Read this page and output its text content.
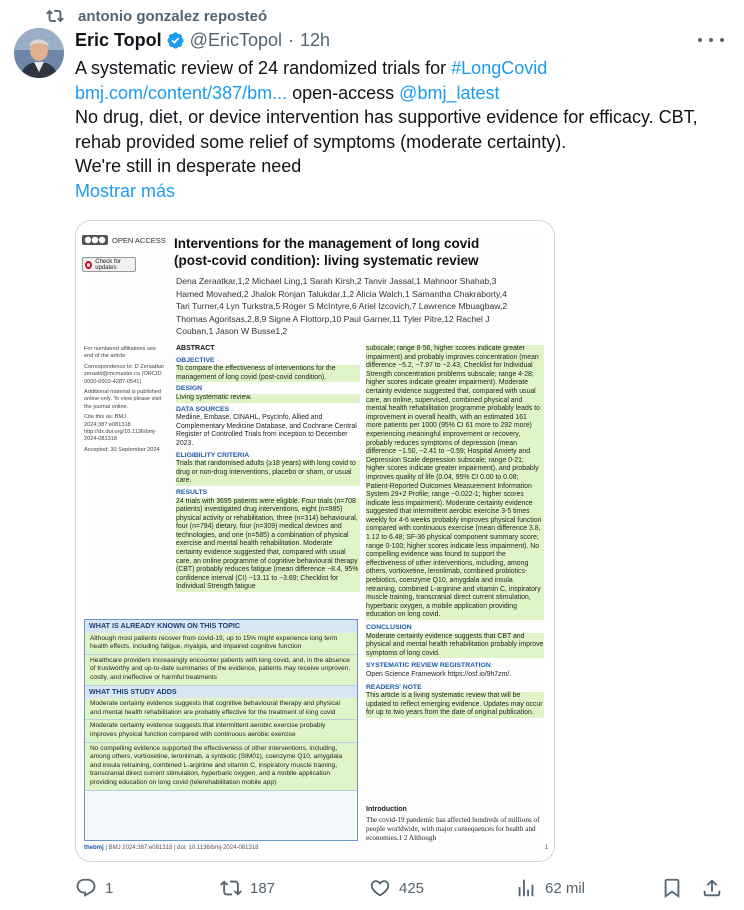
antonio gonzalez reposteó
Eric Topol @EricTopol · 12h
A systematic review of 24 randomized trials for #LongCovid
bmj.com/content/387/bm... open-access @bmj_latest
No drug, diet, or device intervention has supportive evidence for efficacy. CBT, rehab provided some relief of symptoms (moderate certainty).
We're still in desperate need
Mostrar más
OPEN ACCESS
Check for updates
Interventions for the management of long covid (post-covid condition): living systematic review
Dena Zeraatkar,1,2 Michael Ling,1 Sarah Kirsh,2 Tanvir Jassal,1 Mahnoor Shahab,3 Hamed Movahed,2 Jhalok Ronjan Talukdar,1,2 Alicia Walch,1 Samantha Chakraborty,4 Tari Turner,4 Lyn Turkstra,5 Roger S McIntyre,6 Ariel Izcovich,7 Lawrence Mbuagbaw,2 Thomas Agoritsas,2,8,9 Signe A Flottorp,10 Paul Garner,11 Tyler Pitre,12 Rachel J Couban,1 Jason W Busse1,2

For numbered affiliations see end of the article

Correspondence to: D Zeraatkar zeraatd@mcmaster.ca (ORCID 0000-0003-4287-0541)

Additional material is published online only. To view please visit the journal online.

Cite this as: BMJ 2024;387:e081318 http://dx.doi.org/10.1136/bmj-2024-081318

Accepted: 30 September 2024

ABSTRACT
OBJECTIVE
To compare the effectiveness of interventions for the management of long covid (post-covid condition).
DESIGN
Living systematic review.
DATA SOURCES
Medline, Embase, CINAHL, PsycInfo, Allied and Complementary Medicine Database, and Cochrane Central Register of Controlled Trials from inception to December 2023.
ELIGIBILITY CRITERIA
Trials that randomised adults (≥18 years) with long covid to drug or non-drug interventions, placebo or sham, or usual care.
RESULTS
24 trials with 3695 patients were eligible. Four trials (n=708 patients) investigated drug interventions, eight (n=985) physical activity or rehabilitation, three (n=314) behavioural, four (n=794) dietary, four (n=309) medical devices and technologies, and one (n=585) a combination of physical exercise and mental health rehabilitation. Moderate certainty evidence suggested that, compared with usual care, an online programme of cognitive behavioural therapy (CBT) probably reduces fatigue (mean difference −8.4, 95% confidence interval (CI) −13.11 to −3.69; Checklist for Individual Strength fatigue
subscale; range 8-56, higher scores indicate greater impairment) and probably improves concentration (mean difference −5.2, −7.97 to −2.43; Checklist for Individual Strength concentration problems subscale; range 4-28; higher scores indicate greater impairment). Moderate certainty evidence suggested that, compared with usual care, an online, supervised, combined physical and mental health rehabilitation programme probably leads to improvement in overall health, with an estimated 161 more patients per 1000 (95% CI 61 more to 292 more) experiencing meaningful improvement or recovery, probably reduces symptoms of depression (mean difference −1.50, −2.41 to −0.59; Hospital Anxiety and Depression Scale depression subscale; range 0-21; higher scores indicate greater impairment), and probably improves quality of life (0.04, 95% CI 0.00 to 0.08; Patient-Reported Outcomes Measurement Information System 29+2 Profile; range −0.022-1; higher scores indicate less impairment). Moderate certainty evidence suggested that intermittent aerobic exercise 3-5 times weekly for 4-6 weeks probably improves physical function compared with continuous exercise (mean difference 3.8, 1.12 to 6.48; SF-36 physical component summary score; range 0-100; higher scores indicate less impairment). No compelling evidence was found to support the effectiveness of other interventions, including, among others, vortioxetine, leronlimab, combined probiotics-prebiotics, coenzyme Q10, amygdala and insula retraining, combined L-arginine and vitamin C, inspiratory muscle training, transcranial direct current stimulation, hyperbaric oxygen, a mobile application providing education on long covid.
CONCLUSION
Moderate certainty evidence suggests that CBT and physical and mental health rehabilitation probably improve symptoms of long covid.
SYSTEMATIC REVIEW REGISTRATION
Open Science Framework https://osf.io/9h7zm/.
READERS' NOTE
This article is a living systematic review that will be updated to reflect emerging evidence. Updates may occur for up to two years from the date of original publication.
WHAT IS ALREADY KNOWN ON THIS TOPIC
Although most patients recover from covid-19, up to 15% might experience long term health effects, including fatigue, myalgia, and impaired cognitive function
Healthcare providers increasingly encounter patients with long covid, and, in the absence of trustworthy and up-to-date summaries of the evidence, patients may receive unproven, costly, and ineffective or harmful treatments
WHAT THIS STUDY ADDS
Moderate certainty evidence suggests that cognitive behavioural therapy and physical and mental health rehabilitation are probably effective for the treatment of long covid
Moderate certainty evidence suggests that intermittent aerobic exercise probably improves physical function compared with continuous aerobic exercise
No compelling evidence supported the effectiveness of other interventions, including, among others, vortioxetine, leronlimab, a synbiotic (SIM01), coenzyme Q10, amygdala and insula retraining, combined L-arginine and vitamin C, inspiratory muscle training, transcranial direct current stimulation, hyperbaric oxygen, and a mobile application providing education on long covid (telerehabilitation mobile app)
Introduction
The covid-19 pandemic has affected hundreds of millions of people worldwide, with major consequences for health and economies.1 2 Although
thebmj | BMJ 2024;387:e081318 | doi: 10.1136/bmj-2024-081318	1
1	187	425	62 mil
